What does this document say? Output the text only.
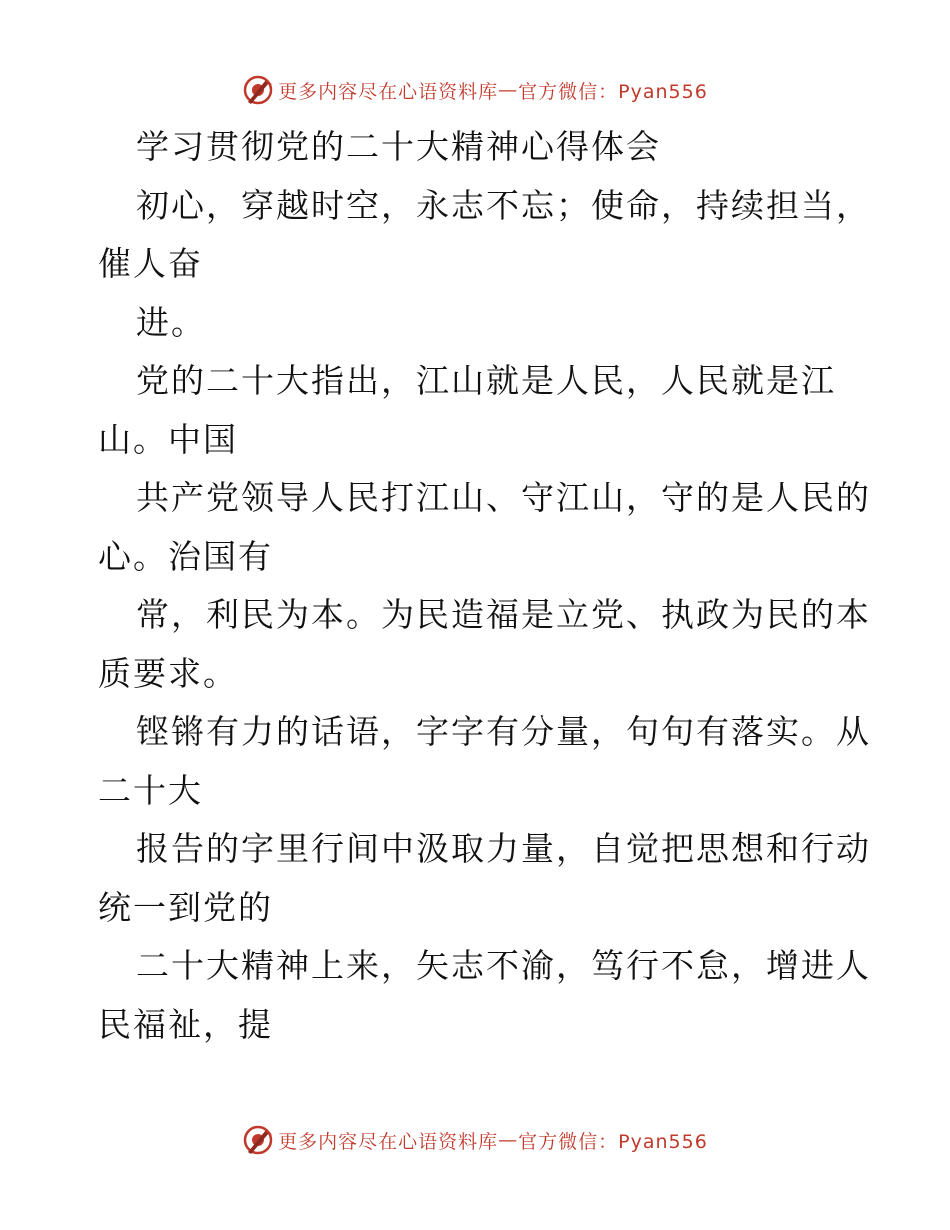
更多内容尽在心语资料库 — 官方微信：Pyan556
学习贯彻党的二十大精神心得体会
初心，穿越时空，永志不忘；使命，持续担当，
催人奋
进。
党的二十大指出，江山就是人民，人民就是江
山。中国
共产党领导人民打江山、守江山，守的是人民的
心。治国有
常，利民为本。为民造福是立党、执政为民的本
质要求。
铿锵有力的话语，字字有分量，句句有落实。从
二十大
报告的字里行间中汲取力量，自觉把思想和行动
统一到党的
二十大精神上来，矢志不渝，笃行不怠，增进人
民福祉，提
更多内容尽在心语资料库 — 官方微信：Pyan556
